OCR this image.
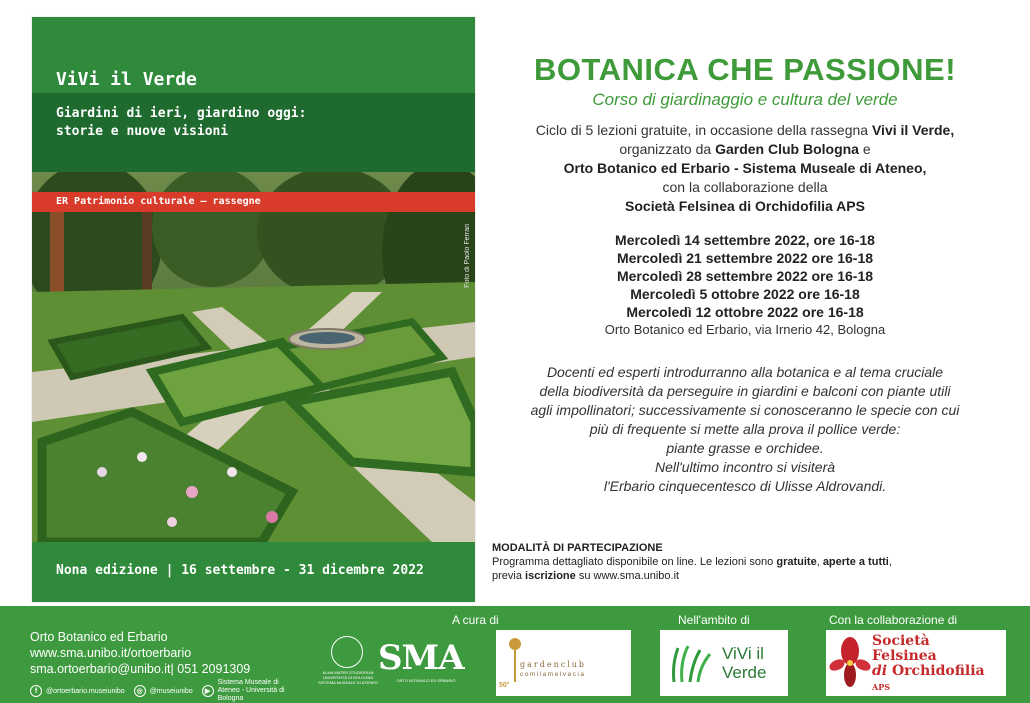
ViVi il Verde
Giardini di ieri, giardino oggi:
storie e nuove visioni
ER Patrimonio culturale – rassegne
Foto di Paolo Ferrari
Nona edizione | 16 settembre - 31 dicembre 2022
BOTANICA CHE PASSIONE!
Corso di giardinaggio e cultura del verde
Ciclo di 5 lezioni gratuite, in occasione della rassegna Vivi il Verde,
organizzato da Garden Club Bologna e
Orto Botanico ed Erbario - Sistema Museale di Ateneo,
con la collaborazione della
Società Felsinea di Orchidofilia APS
Mercoledì 14 settembre 2022, ore 16-18
Mercoledì 21 settembre 2022 ore 16-18
Mercoledì 28 settembre 2022 ore 16-18
Mercoledì 5 ottobre 2022 ore 16-18
Mercoledì 12 ottobre 2022 ore 16-18
Orto Botanico ed Erbario, via Irnerio 42, Bologna
Docenti ed esperti introdurranno alla botanica e al tema cruciale
della biodiversità da perseguire in giardini e balconi con piante utili
agli impollinatori; successivamente si conosceranno le specie con cui
più di frequente si mette alla prova il pollice verde:
piante grasse e orchidee.
Nell'ultimo incontro si visiterà
l'Erbario cinquecentesco di Ulisse Aldrovandi.
MODALITÀ DI PARTECIPAZIONE
Programma dettagliato disponibile on line. Le lezioni sono gratuite, aperte a tutti,
previa iscrizione su www.sma.unibo.it
Orto Botanico ed Erbario
www.sma.unibo.it/ortoerbario
sma.ortoerbario@unibo.it| 051 2091309
f	@ortoerbario.museiunibo	◎ @museiunibo	▶
Sistema Museale di Ateneo - Università di Bologna
A cura di
ALMA MATER STUDIORUM UNIVERSITÀ DI BOLOGNA SISTEMA MUSEALE DI ATENEO
SMA
ORTO BOTANICO ED ERBARIO
gardenclub
comilamelvacia
50°
Nell'ambito di
ViVi il
Verde
Con la collaborazione di
Società
Felsinea
di Orchidofilia APS
